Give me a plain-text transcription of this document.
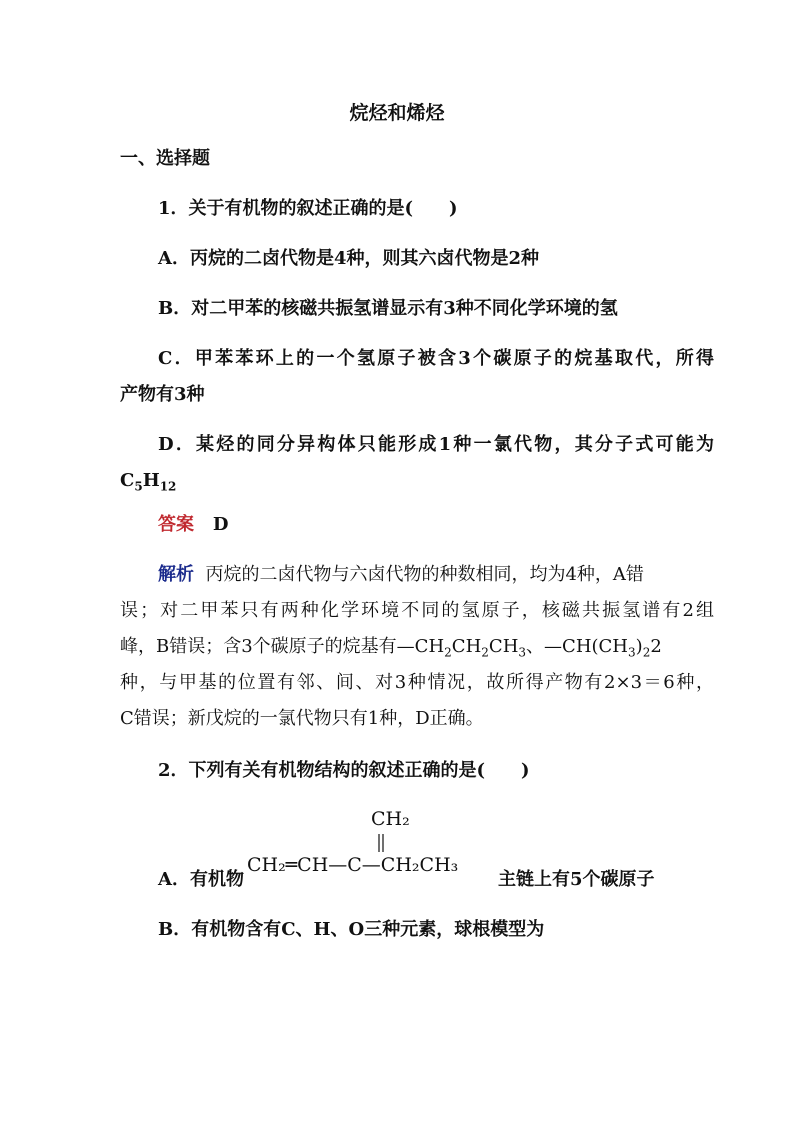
烷烃和烯烃
一、选择题
1．关于有机物的叙述正确的是(　　)
A．丙烷的二卤代物是4种，则其六卤代物是2种
B．对二甲苯的核磁共振氢谱显示有3种不同化学环境的氢
C．甲苯苯环上的一个氢原子被含3个碳原子的烷基取代，所得
产物有3种
D．某烃的同分异构体只能形成1种一氯代物，其分子式可能为
$C_5H_{12}$
答案 D
解析 丙烷的二卤代物与六卤代物的种数相同，均为4种，A错
误；对二甲苯只有两种化学环境不同的氢原子，核磁共振氢谱有2组
峰，B错误；含3个碳原子的烷基有$—CH_2CH_2CH_3$、$—CH(CH_3)_22$
种，与甲基的位置有邻、间、对3种情况，故所得产物有2×3＝6种，
C错误；新戊烷的一氯代物只有1种，D正确。
2．下列有关有机物结构的叙述正确的是(　　)
CH₂
CH₂═CH—C—CH₂CH₃
A．有机物	主链上有5个碳原子
B．有机物含有C、H、O三种元素，球根模型为
